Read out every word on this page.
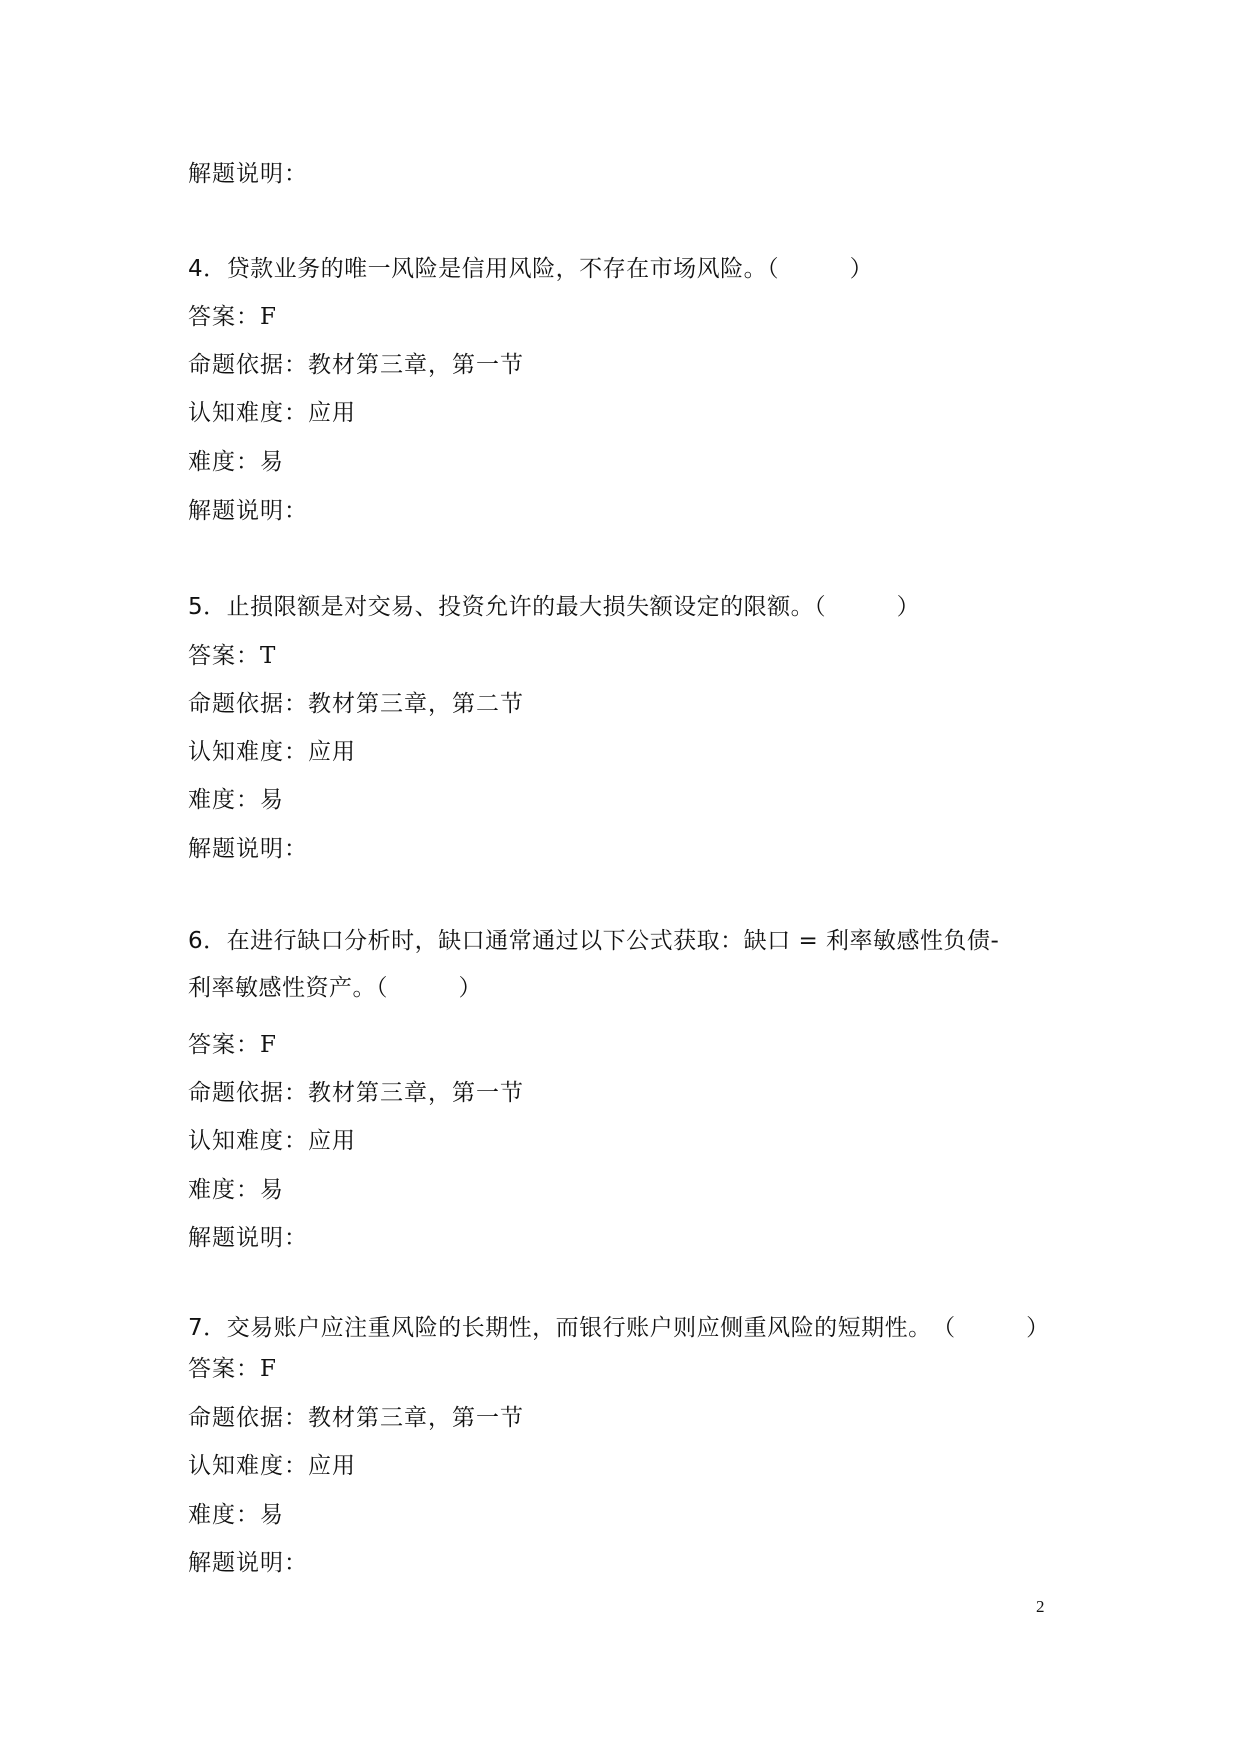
解题说明：
4．贷款业务的唯一风险是信用风险，不存在市场风险。（　　　）
答案：F
命题依据：教材第三章，第一节
认知难度：应用
难度：易
解题说明：
5．止损限额是对交易、投资允许的最大损失额设定的限额。（　　　）
答案：T
命题依据：教材第三章，第二节
认知难度：应用
难度：易
解题说明：
6．在进行缺口分析时，缺口通常通过以下公式获取：缺口 = 利率敏感性负债-
利率敏感性资产。（　　　）
答案：F
命题依据：教材第三章，第一节
认知难度：应用
难度：易
解题说明：
7．交易账户应注重风险的长期性，而银行账户则应侧重风险的短期性。　（　　　）
答案：F
命题依据：教材第三章，第一节
认知难度：应用
难度：易
解题说明：
2
